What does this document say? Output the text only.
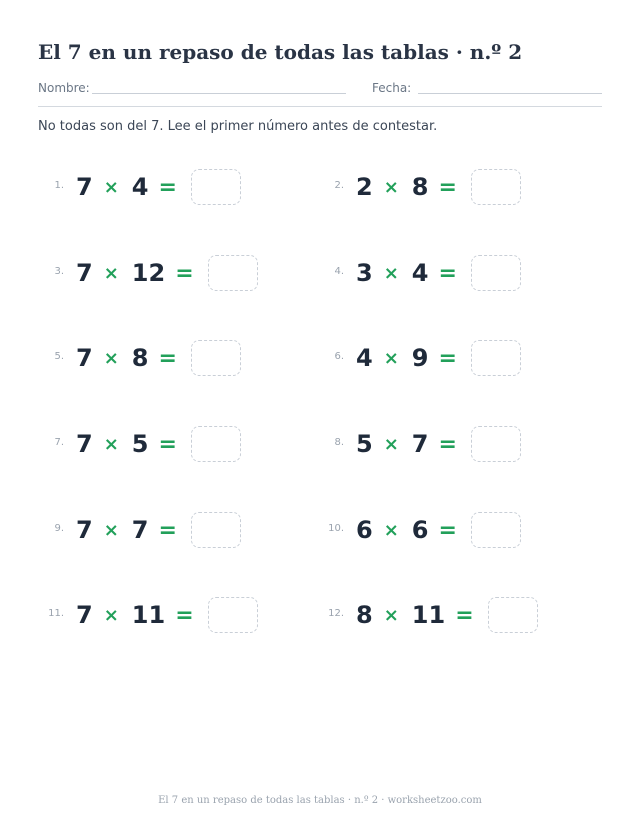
El 7 en un repaso de todas las tablas · n.º 2
Nombre:	Fecha:
No todas son del 7. Lee el primer número antes de contestar.
1. 7 × 4 =
3. 7 × 12 =
5. 7 × 8 =
7. 7 × 5 =
9. 7 × 7 =
11. 7 × 11 =
2. 2 × 8 =
4. 3 × 4 =
6. 4 × 9 =
8. 5 × 7 =
10. 6 × 6 =
12. 8 × 11 =
El 7 en un repaso de todas las tablas · n.º 2 · worksheetzoo.com
